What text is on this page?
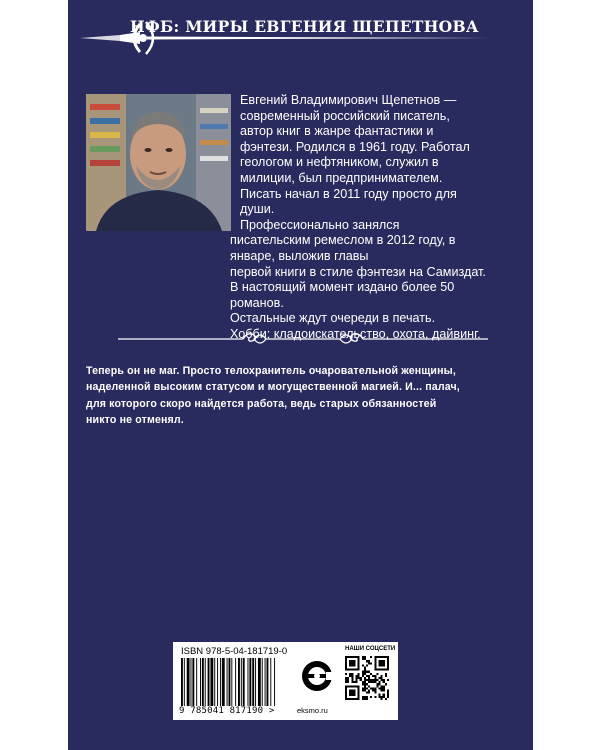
НФБ: МИРЫ ЕВГЕНИЯ ЩЕПЕТНОВА

Евгений Владимирович Щепетнов —

современный российский писатель,

автор книг в жанре фантастики и

фэнтези. Родился в 1961 году. Работал

геологом и нефтяником, служил в

милиции, был предпринимателем.

Писать начал в 2011 году просто для

души.

Профессионально занялся

писательским ремеслом в 2012 году, в январе, выложив главы

первой книги в стиле фэнтези на Самиздат.

В настоящий момент издано более 50 романов.

Остальные ждут очереди в печать.

Хобби: кладоискательство, охота, дайвинг.

Теперь он не маг. Просто телохранитель очаровательной женщины,

наделенной высоким статусом и могущественной магией. И... палач,

для которого скоро найдется работа, ведь старых обязанностей

никто не отменял.

ISBN 978-5-04-181719-0
9 785041 817190 >	eksmo.ru
НАШИ СОЦСЕТИ
